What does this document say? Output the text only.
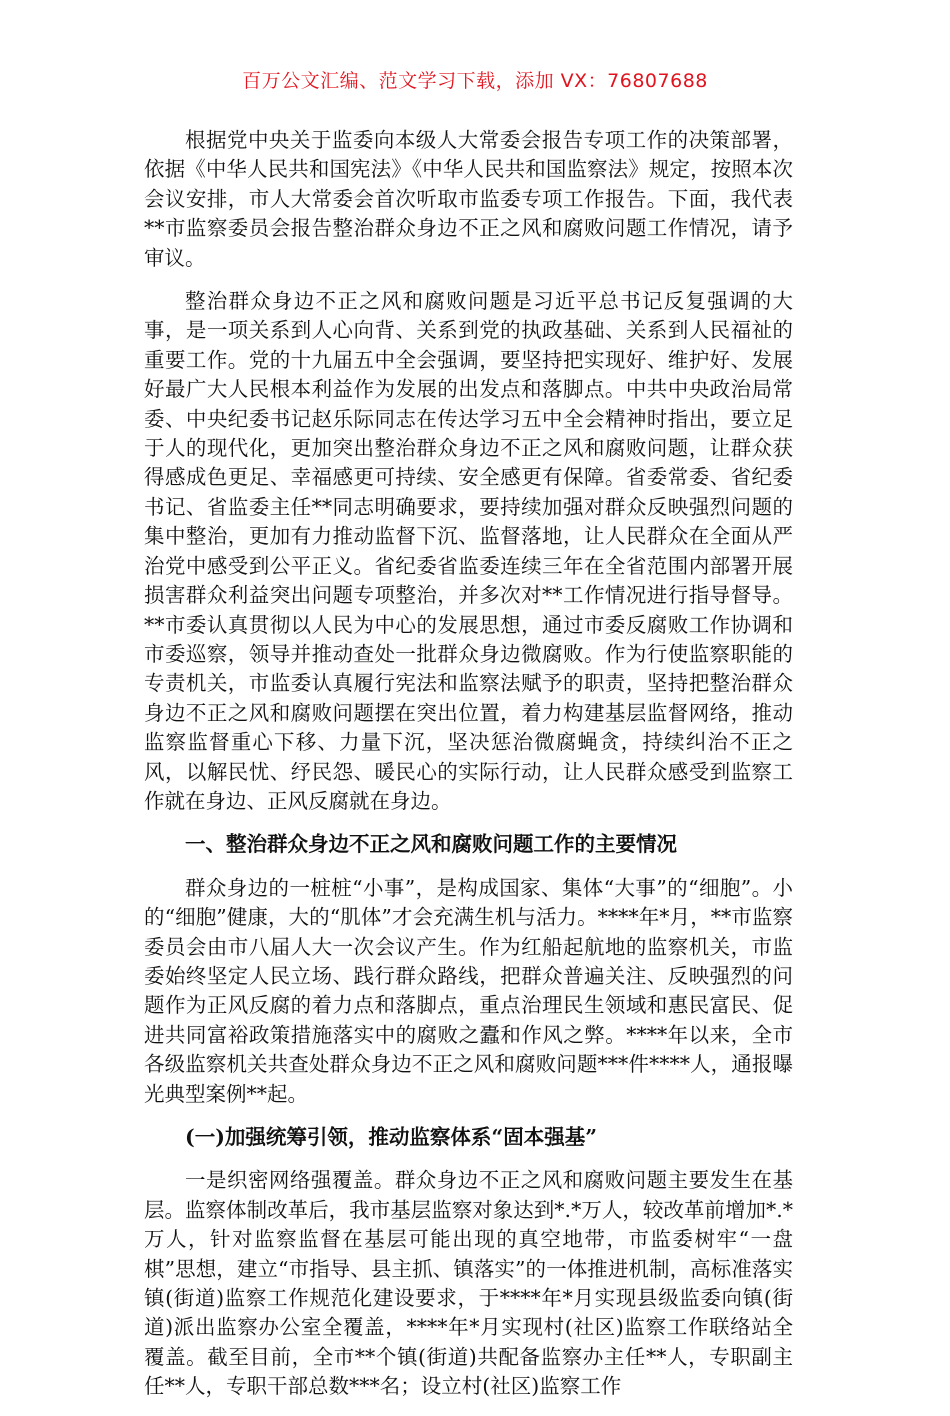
百万公文汇编、范文学习下载，添加 VX：76807688

根据党中央关于监委向本级人大常委会报告专项工作的决策部署，依据《中华人民共和国宪法》《中华人民共和国监察法》规定，按照本次会议安排，市人大常委会首次听取市监委专项工作报告。下面，我代表**市监察委员会报告整治群众身边不正之风和腐败问题工作情况，请予审议。

整治群众身边不正之风和腐败问题是习近平总书记反复强调的大事，是一项关系到人心向背、关系到党的执政基础、关系到人民福祉的重要工作。党的十九届五中全会强调，要坚持把实现好、维护好、发展好最广大人民根本利益作为发展的出发点和落脚点。中共中央政治局常委、中央纪委书记赵乐际同志在传达学习五中全会精神时指出，要立足于人的现代化，更加突出整治群众身边不正之风和腐败问题，让群众获得感成色更足、幸福感更可持续、安全感更有保障。省委常委、省纪委书记、省监委主任**同志明确要求，要持续加强对群众反映强烈问题的集中整治，更加有力推动监督下沉、监督落地，让人民群众在全面从严治党中感受到公平正义。省纪委省监委连续三年在全省范围内部署开展损害群众利益突出问题专项整治，并多次对**工作情况进行指导督导。**市委认真贯彻以人民为中心的发展思想，通过市委反腐败工作协调和市委巡察，领导并推动查处一批群众身边微腐败。作为行使监察职能的专责机关，市监委认真履行宪法和监察法赋予的职责，坚持把整治群众身边不正之风和腐败问题摆在突出位置，着力构建基层监督网络，推动监察监督重心下移、力量下沉，坚决惩治微腐蝇贪，持续纠治不正之风，以解民忧、纾民怨、暖民心的实际行动，让人民群众感受到监察工作就在身边、正风反腐就在身边。

一、整治群众身边不正之风和腐败问题工作的主要情况

群众身边的一桩桩“小事”，是构成国家、集体“大事”的“细胞”。小的“细胞”健康，大的“肌体”才会充满生机与活力。****年*月，**市监察委员会由市八届人大一次会议产生。作为红船起航地的监察机关，市监委始终坚定人民立场、践行群众路线，把群众普遍关注、反映强烈的问题作为正风反腐的着力点和落脚点，重点治理民生领域和惠民富民、促进共同富裕政策措施落实中的腐败之蠹和作风之弊。****年以来，全市各级监察机关共查处群众身边不正之风和腐败问题***件****人，通报曝光典型案例**起。

(一)加强统筹引领，推动监察体系“固本强基”

一是织密网络强覆盖。群众身边不正之风和腐败问题主要发生在基层。监察体制改革后，我市基层监察对象达到*.*万人，较改革前增加*.*万人，针对监察监督在基层可能出现的真空地带，市监委树牢“一盘棋”思想，建立“市指导、县主抓、镇落实”的一体推进机制，高标准落实镇(街道)监察工作规范化建设要求，于****年*月实现县级监委向镇(街道)派出监察办公室全覆盖，****年*月实现村(社区)监察工作联络站全覆盖。截至目前，全市**个镇(街道)共配备监察办主任**人，专职副主任**人，专职干部总数***名；设立村(社区)监察工作
